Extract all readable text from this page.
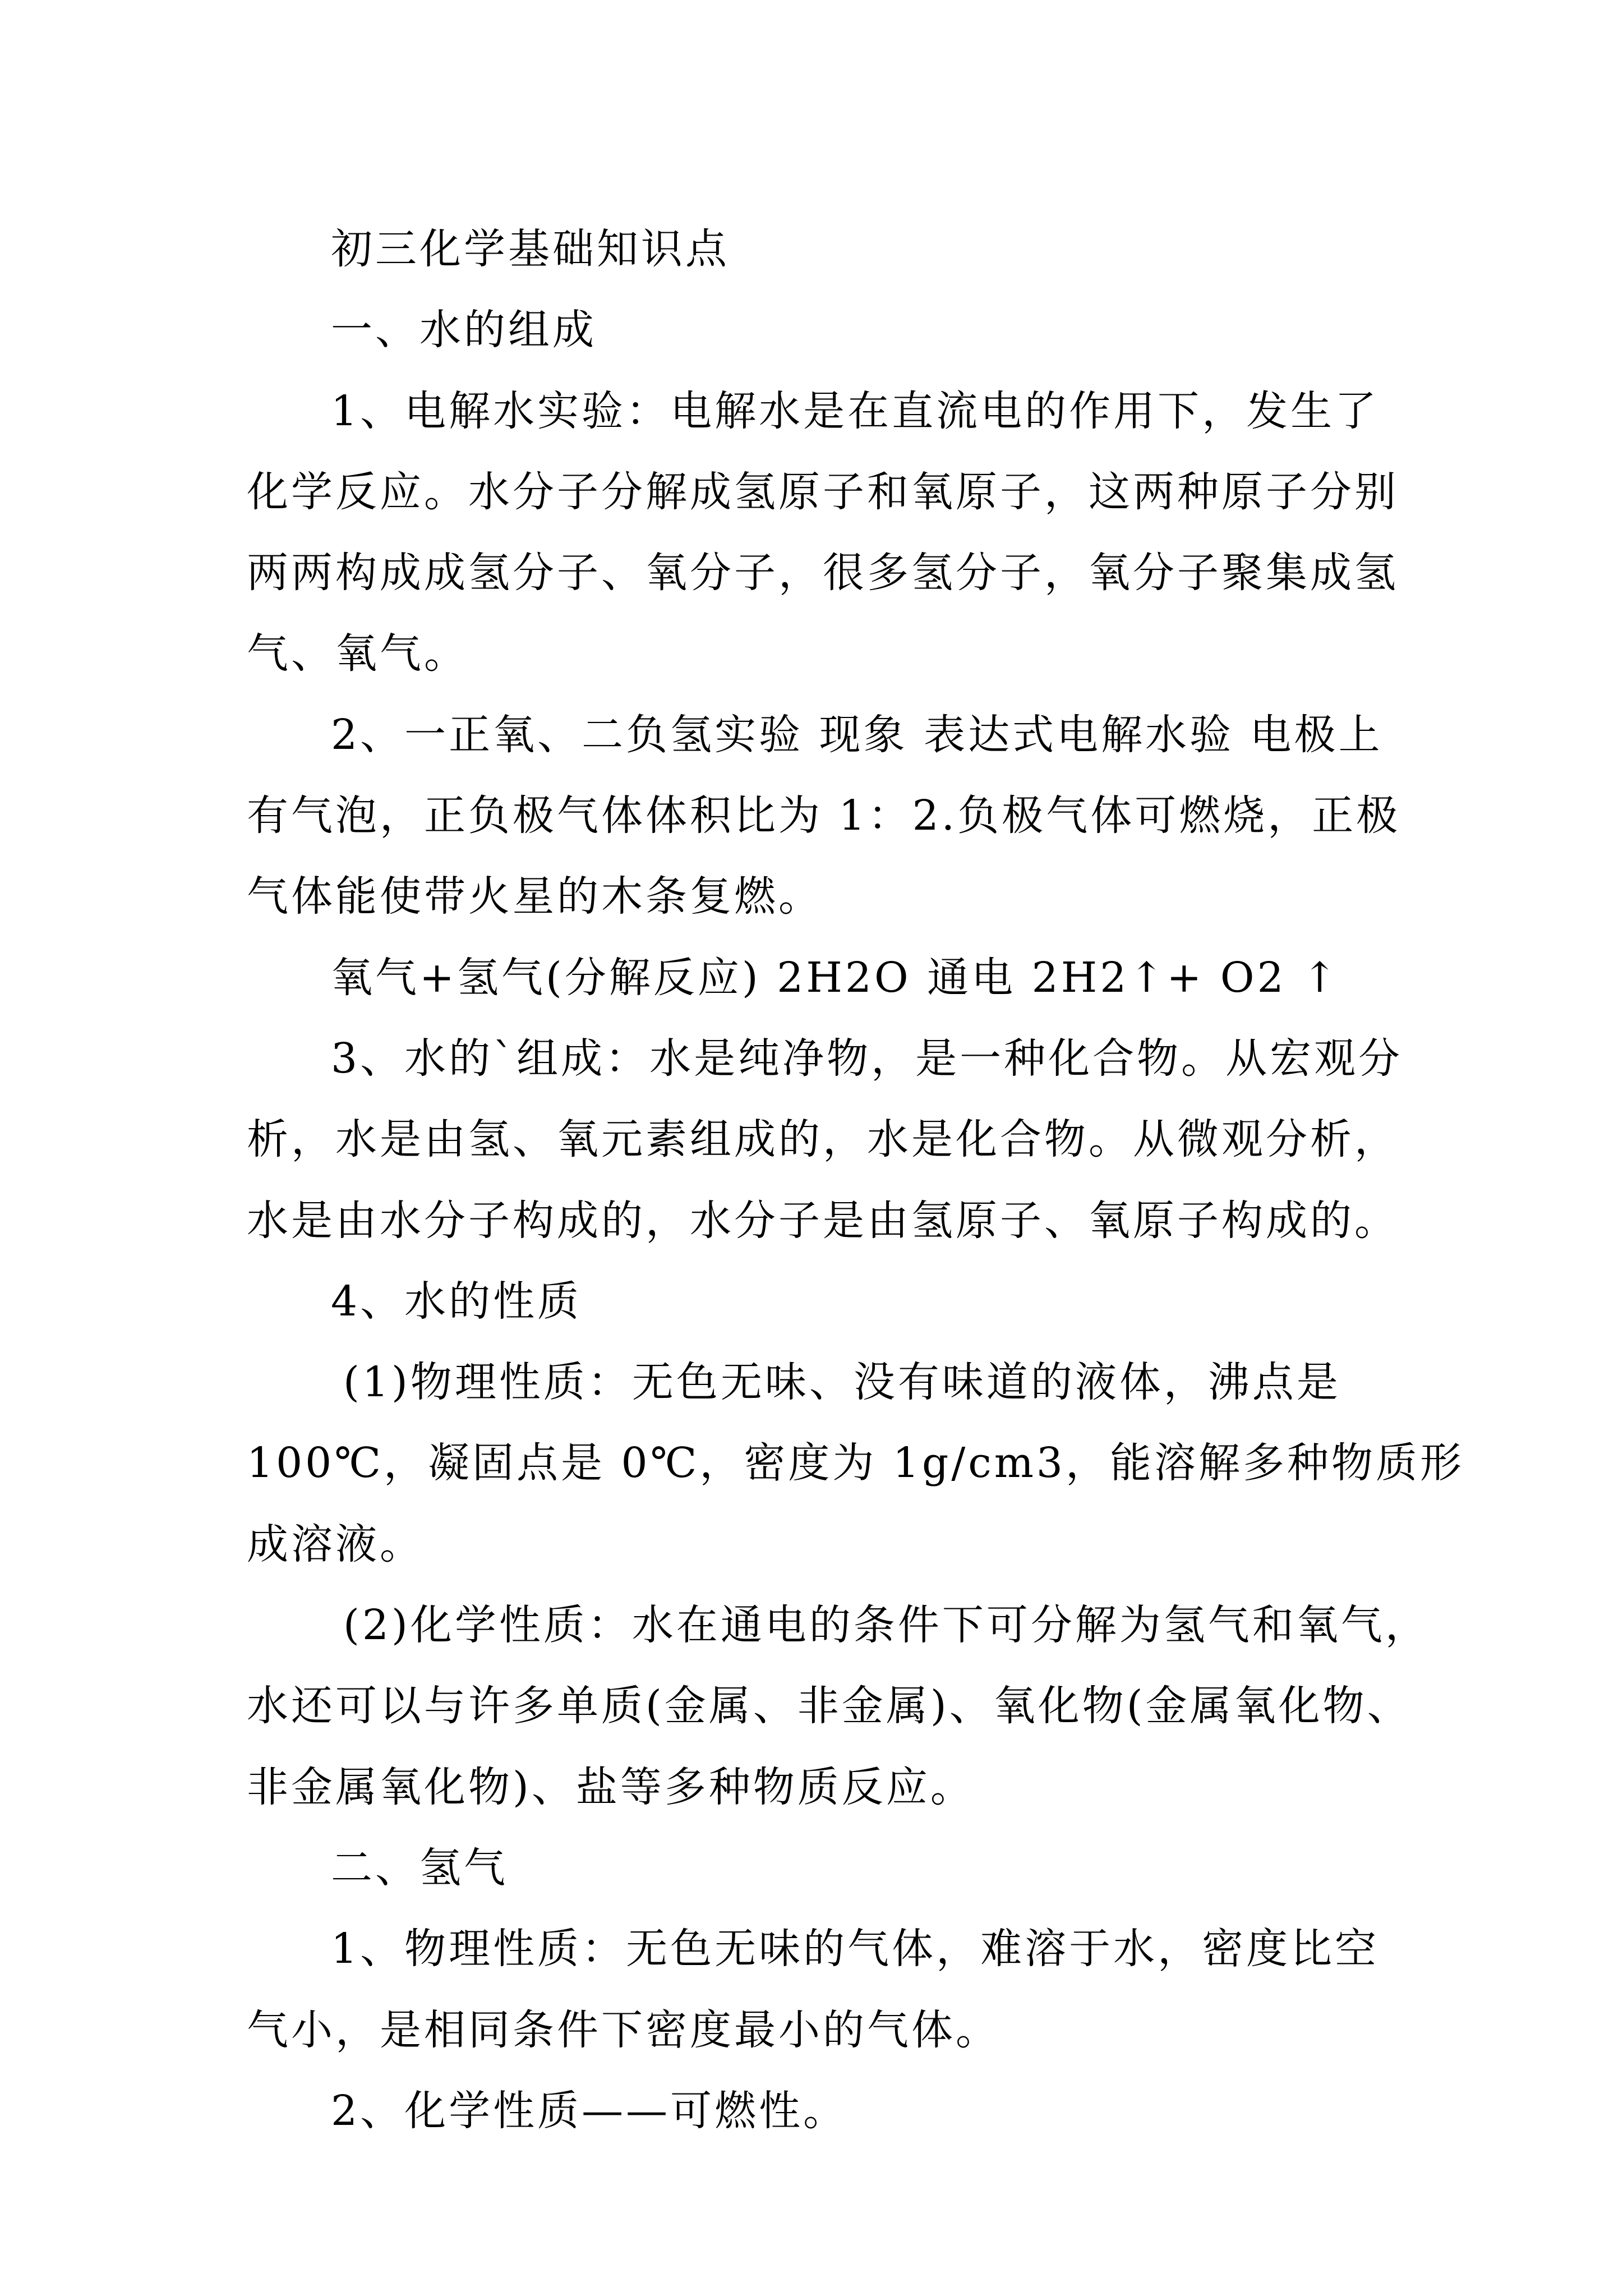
初三化学基础知识点
一、水的组成
1、电解水实验：电解水是在直流电的作用下，发生了
化学反应。水分子分解成氢原子和氧原子，这两种原子分别
两两构成成氢分子、氧分子，很多氢分子，氧分子聚集成氢
气、氧气。
2、一正氧、二负氢实验 现象 表达式电解水验 电极上
有气泡，正负极气体体积比为 1：2.负极气体可燃烧，正极
气体能使带火星的木条复燃。
氧气+氢气(分解反应) 2H2O 通电 2H2↑+ O2 ↑
3、水的`组成：水是纯净物，是一种化合物。从宏观分
析，水是由氢、氧元素组成的，水是化合物。从微观分析，
水是由水分子构成的，水分子是由氢原子、氧原子构成的。
4、水的性质
(1)物理性质：无色无味、没有味道的液体，沸点是
100℃，凝固点是 0℃，密度为 1g/cm3，能溶解多种物质形
成溶液。
(2)化学性质：水在通电的条件下可分解为氢气和氧气，
水还可以与许多单质(金属、非金属)、氧化物(金属氧化物、
非金属氧化物)、盐等多种物质反应。
二、氢气
1、物理性质：无色无味的气体，难溶于水，密度比空
气小，是相同条件下密度最小的气体。
2、化学性质——可燃性。
